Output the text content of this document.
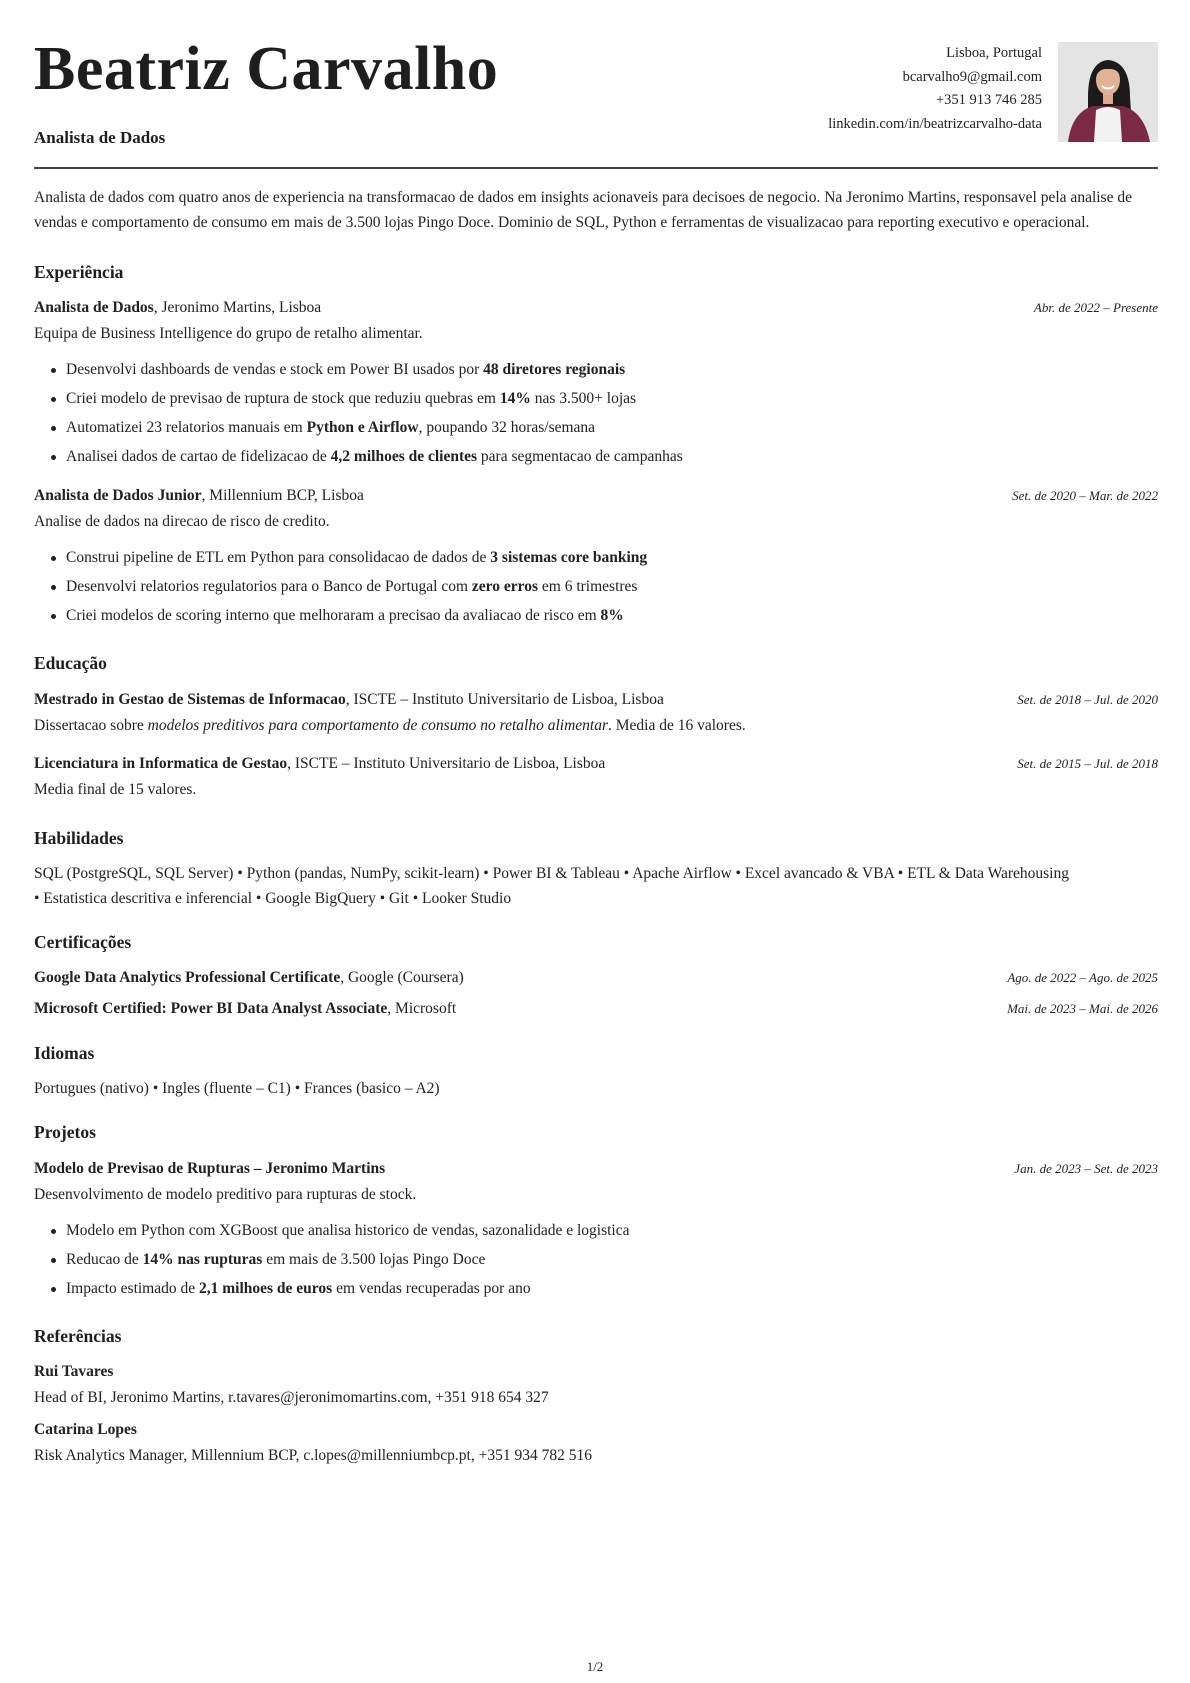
Beatriz Carvalho
Analista de Dados
Lisboa, Portugal
bcarvalho9@gmail.com
+351 913 746 285
linkedin.com/in/beatrizcarvalho-data

Analista de dados com quatro anos de experiencia na transformacao de dados em insights acionaveis para decisoes de negocio. Na Jeronimo Martins, responsavel pela analise de vendas e comportamento de consumo em mais de 3.500 lojas Pingo Doce. Dominio de SQL, Python e ferramentas de visualizacao para reporting executivo e operacional.

Experiência
Analista de Dados, Jeronimo Martins, Lisboa	Abr. de 2022 – Presente
Equipa de Business Intelligence do grupo de retalho alimentar.
Desenvolvi dashboards de vendas e stock em Power BI usados por 48 diretores regionais
Criei modelo de previsao de ruptura de stock que reduziu quebras em 14% nas 3.500+ lojas
Automatizei 23 relatorios manuais em Python e Airflow, poupando 32 horas/semana
Analisei dados de cartao de fidelizacao de 4,2 milhoes de clientes para segmentacao de campanhas
Analista de Dados Junior, Millennium BCP, Lisboa	Set. de 2020 – Mar. de 2022
Analise de dados na direcao de risco de credito.
Construi pipeline de ETL em Python para consolidacao de dados de 3 sistemas core banking
Desenvolvi relatorios regulatorios para o Banco de Portugal com zero erros em 6 trimestres
Criei modelos de scoring interno que melhoraram a precisao da avaliacao de risco em 8%
Educação
Mestrado in Gestao de Sistemas de Informacao, ISCTE – Instituto Universitario de Lisboa, Lisboa	Set. de 2018 – Jul. de 2020
Dissertacao sobre modelos preditivos para comportamento de consumo no retalho alimentar. Media de 16 valores.
Licenciatura in Informatica de Gestao, ISCTE – Instituto Universitario de Lisboa, Lisboa	Set. de 2015 – Jul. de 2018
Media final de 15 valores.
Habilidades
SQL (PostgreSQL, SQL Server) • Python (pandas, NumPy, scikit-learn) • Power BI & Tableau • Apache Airflow • Excel avancado & VBA • ETL & Data Warehousing
• Estatistica descritiva e inferencial • Google BigQuery • Git • Looker Studio
Certificações
Google Data Analytics Professional Certificate, Google (Coursera)	Ago. de 2022 – Ago. de 2025
Microsoft Certified: Power BI Data Analyst Associate, Microsoft	Mai. de 2023 – Mai. de 2026
Idiomas
Portugues (nativo) • Ingles (fluente – C1) • Frances (basico – A2)
Projetos
Modelo de Previsao de Rupturas – Jeronimo Martins	Jan. de 2023 – Set. de 2023
Desenvolvimento de modelo preditivo para rupturas de stock.
Modelo em Python com XGBoost que analisa historico de vendas, sazonalidade e logistica
Reducao de 14% nas rupturas em mais de 3.500 lojas Pingo Doce
Impacto estimado de 2,1 milhoes de euros em vendas recuperadas por ano
Referências
Rui Tavares
Head of BI, Jeronimo Martins, r.tavares@jeronimomartins.com, +351 918 654 327
Catarina Lopes
Risk Analytics Manager, Millennium BCP, c.lopes@millenniumbcp.pt, +351 934 782 516
1/2
